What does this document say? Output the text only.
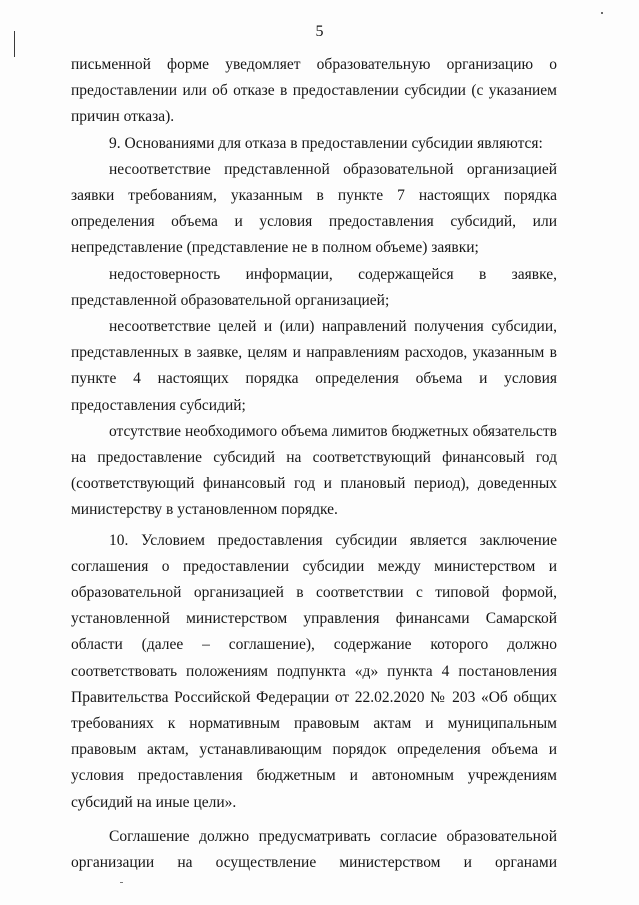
5

письменной форме уведомляет образовательную организацию о предоставлении или об отказе в предоставлении субсидии (с указанием причин отказа).

9. Основаниями для отказа в предоставлении субсидии являются:

несоответствие представленной образовательной организацией заявки требованиям, указанным в пункте 7 настоящих порядка определения объема и условия предоставления субсидий, или непредставление (представление не в полном объеме) заявки;

недостоверность информации, содержащейся в заявке, представленной образовательной организацией;

несоответствие целей и (или) направлений получения субсидии, представленных в заявке, целям и направлениям расходов, указанным в пункте 4 настоящих порядка определения объема и условия предоставления субсидий;

отсутствие необходимого объема лимитов бюджетных обязательств на предоставление субсидий на соответствующий финансовый год (соответствующий финансовый год и плановый период), доведенных министерству в установленном порядке.

10. Условием предоставления субсидии является заключение соглашения о предоставлении субсидии между министерством и образовательной организацией в соответствии с типовой формой, установленной министерством управления финансами Самарской области (далее – соглашение), содержание которого должно соответствовать положениям подпункта «д» пункта 4 постановления Правительства Российской Федерации от 22.02.2020 № 203 «Об общих требованиях к нормативным правовым актам и муниципальным правовым актам, устанавливающим порядок определения объема и условия предоставления бюджетным и автономным учреждениям субсидий на иные цели».

Соглашение должно предусматривать согласие образовательной организации на осуществление министерством и органами
